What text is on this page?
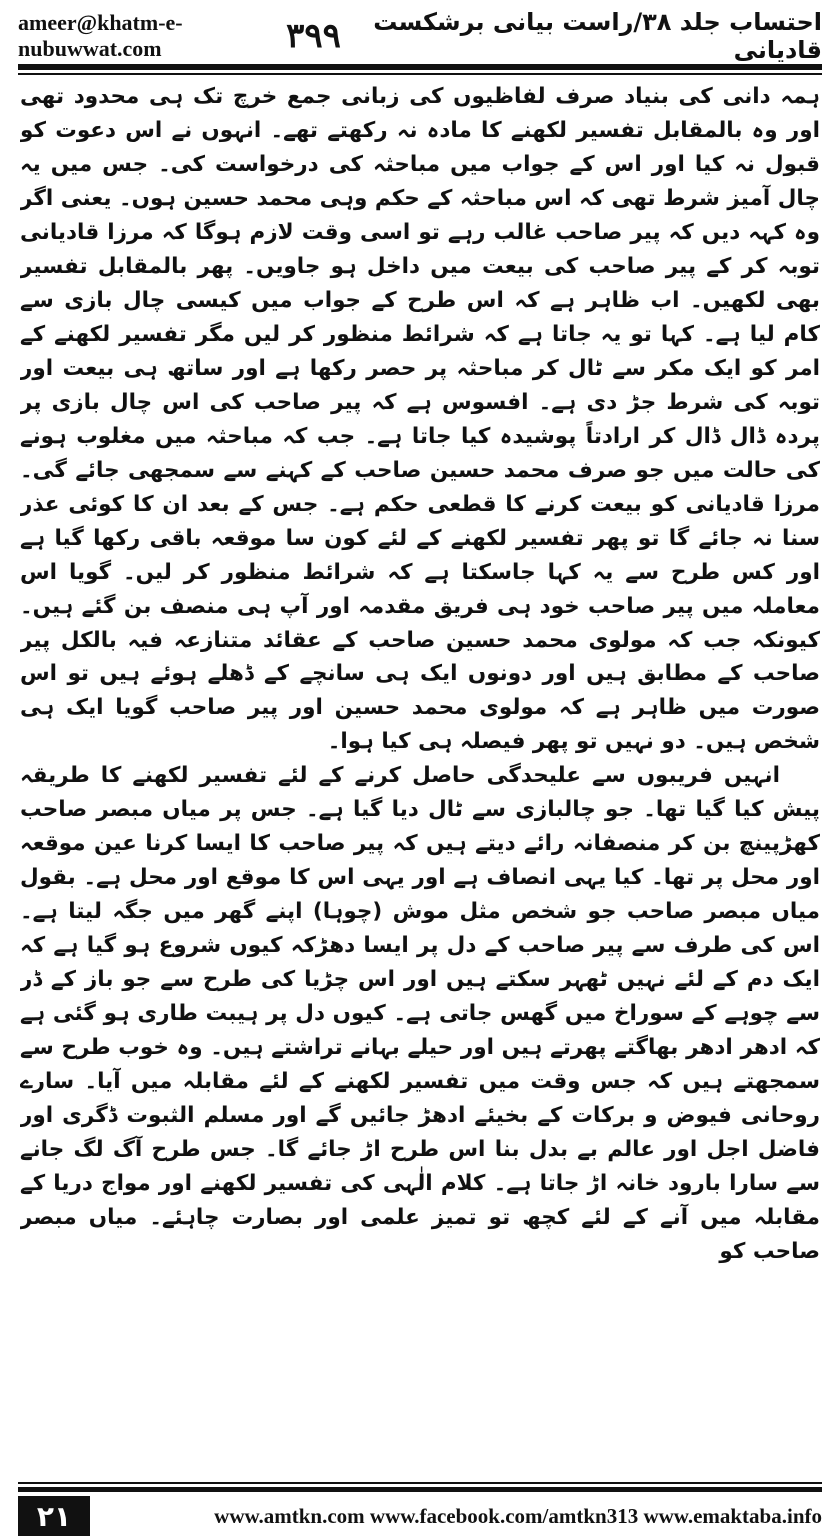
ameer@khatm-e-nubuwwat.com	۳۹۹	احتساب جلد ۳۸/راست بیانی برشکست قادیانی

ہمہ دانی کی بنیاد صرف لفاظیوں کی زبانی جمع خرچ تک ہی محدود تھی اور وہ بالمقابل تفسیر لکھنے کا مادہ نہ رکھتے تھے۔ انہوں نے اس دعوت کو قبول نہ کیا اور اس کے جواب میں مباحثہ کی درخواست کی۔ جس میں یہ چال آمیز شرط تھی کہ اس مباحثہ کے حکم وہی محمد حسین ہوں۔ یعنی اگر وہ کہہ دیں کہ پیر صاحب غالب رہے تو اسی وقت لازم ہوگا کہ مرزا قادیانی توبہ کر کے پیر صاحب کی بیعت میں داخل ہو جاویں۔ پھر بالمقابل تفسیر بھی لکھیں۔ اب ظاہر ہے کہ اس طرح کے جواب میں کیسی چال بازی سے کام لیا ہے۔ کہا تو یہ جاتا ہے کہ شرائط منظور کر لیں مگر تفسیر لکھنے کے امر کو ایک مکر سے ٹال کر مباحثہ پر حصر رکھا ہے اور ساتھ ہی بیعت اور توبہ کی شرط جڑ دی ہے۔ افسوس ہے کہ پیر صاحب کی اس چال بازی پر پردہ ڈال ڈال کر ارادتاً پوشیدہ کیا جاتا ہے۔ جب کہ مباحثہ میں مغلوب ہونے کی حالت میں جو صرف محمد حسین صاحب کے کہنے سے سمجھی جائے گی۔ مرزا قادیانی کو بیعت کرنے کا قطعی حکم ہے۔ جس کے بعد ان کا کوئی عذر سنا نہ جائے گا تو پھر تفسیر لکھنے کے لئے کون سا موقعہ باقی رکھا گیا ہے اور کس طرح سے یہ کہا جاسکتا ہے کہ شرائط منظور کر لیں۔ گویا اس معاملہ میں پیر صاحب خود ہی فریق مقدمہ اور آپ ہی منصف بن گئے ہیں۔ کیونکہ جب کہ مولوی محمد حسین صاحب کے عقائد متنازعہ فیہ بالکل پیر صاحب کے مطابق ہیں اور دونوں ایک ہی سانچے کے ڈھلے ہوئے ہیں تو اس صورت میں ظاہر ہے کہ مولوی محمد حسین اور پیر صاحب گویا ایک ہی شخص ہیں۔ دو نہیں تو پھر فیصلہ ہی کیا ہوا۔

انہیں فریبوں سے علیحدگی حاصل کرنے کے لئے تفسیر لکھنے کا طریقہ پیش کیا گیا تھا۔ جو چالبازی سے ٹال دیا گیا ہے۔ جس پر میاں مبصر صاحب کھڑپینچ بن کر منصفانہ رائے دیتے ہیں کہ پیر صاحب کا ایسا کرنا عین موقعہ اور محل پر تھا۔ کیا یہی انصاف ہے اور یہی اس کا موقع اور محل ہے۔ بقول میاں مبصر صاحب جو شخص مثل موش (چوہا) اپنے گھر میں جگہ لیتا ہے۔ اس کی طرف سے پیر صاحب کے دل پر ایسا دھڑکہ کیوں شروع ہو گیا ہے کہ ایک دم کے لئے نہیں ٹھہر سکتے ہیں اور اس چڑیا کی طرح سے جو باز کے ڈر سے چوہے کے سوراخ میں گھس جاتی ہے۔ کیوں دل پر ہیبت طاری ہو گئی ہے کہ ادھر ادھر بھاگتے پھرتے ہیں اور حیلے بہانے تراشتے ہیں۔ وہ خوب طرح سے سمجھتے ہیں کہ جس وقت میں تفسیر لکھنے کے لئے مقابلہ میں آیا۔ سارے روحانی فیوض و برکات کے بخیئے ادھڑ جائیں گے اور مسلم الثبوت ڈگری اور فاضل اجل اور عالم بے بدل بنا اس طرح اڑ جائے گا۔ جس طرح آگ لگ جانے سے سارا بارود خانہ اڑ جاتا ہے۔ کلام الٰہی کی تفسیر لکھنے اور مواج دریا کے مقابلہ میں آنے کے لئے کچھ تو تمیز علمی اور بصارت چاہئے۔ میاں مبصر صاحب کو

۲۱	www.amtkn.com www.facebook.com/amtkn313 www.emaktaba.info
